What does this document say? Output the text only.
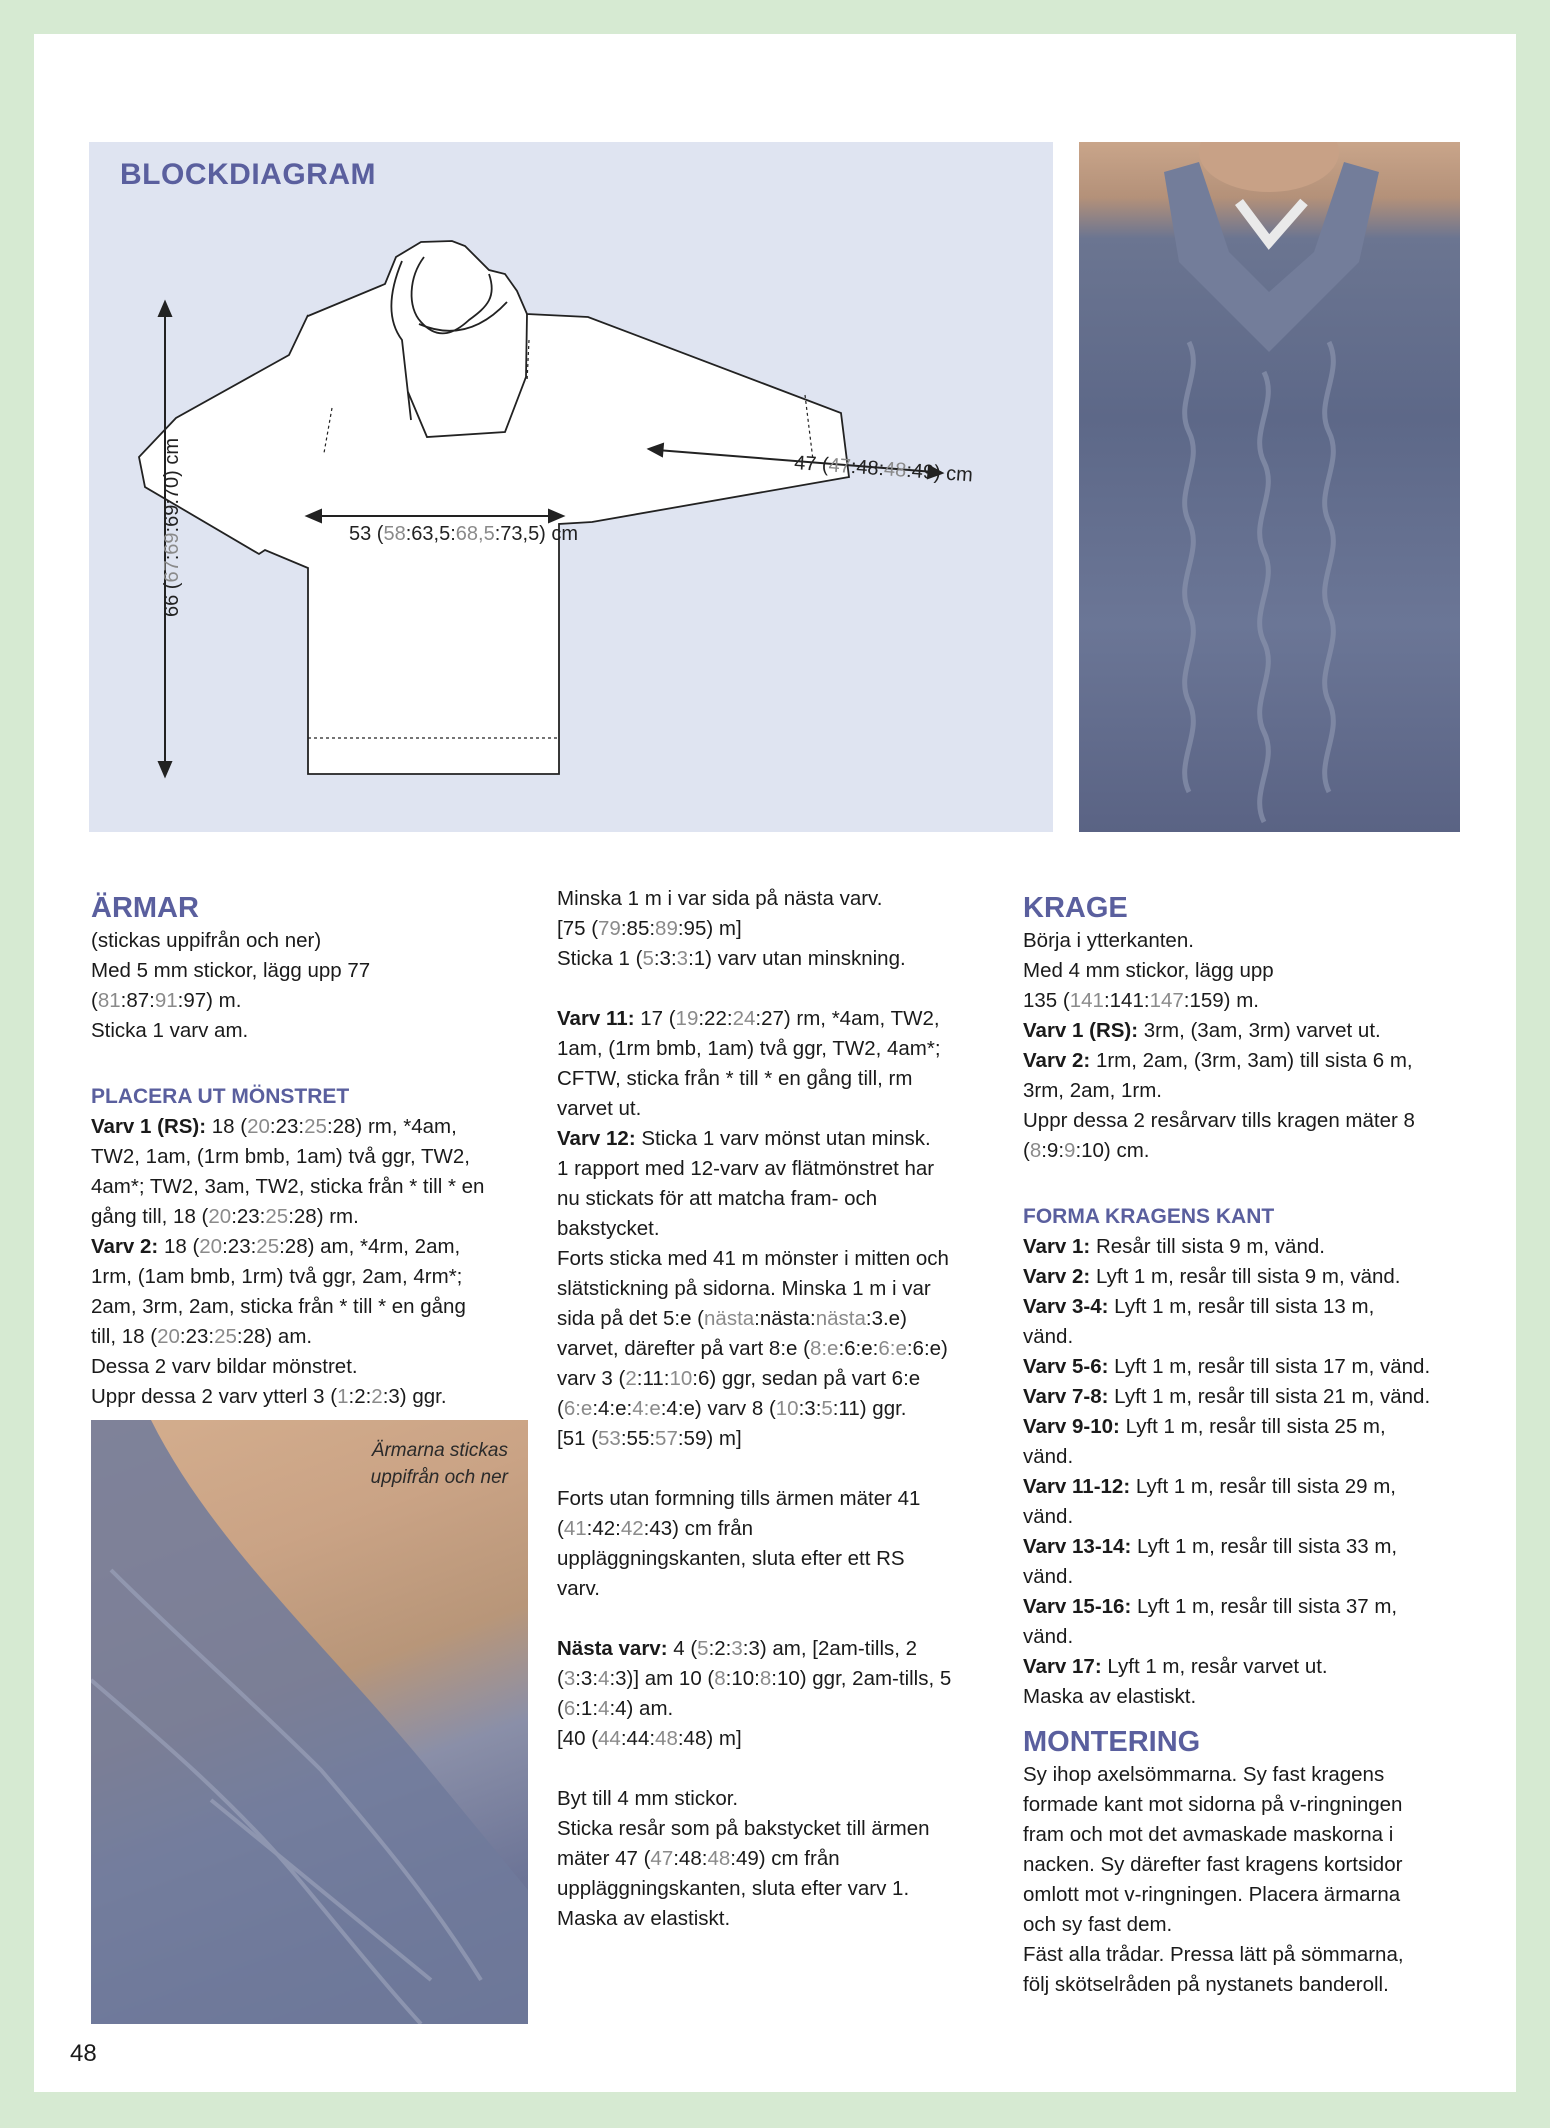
BLOCKDIAGRAM
66 (67:69:69:70) cm
53 (58:63,5:68,5:73,5) cm
47 (47:48:48:49) cm
Ärmarna stickas uppifrån och ner

ÄRMAR

(stickas uppifrån och ner)

Med 5 mm stickor, lägg upp 77

(81:87:91:97) m.

Sticka 1 varv am.

PLACERA UT MÖNSTRET

Varv 1 (RS): 18 (20:23:25:28) rm, *4am,

TW2, 1am, (1rm bmb, 1am) två ggr, TW2,

4am*; TW2, 3am, TW2, sticka från * till * en

gång till, 18 (20:23:25:28) rm.

Varv 2: 18 (20:23:25:28) am, *4rm, 2am,

1rm, (1am bmb, 1rm) två ggr, 2am, 4rm*;

2am, 3rm, 2am, sticka från * till * en gång

till, 18 (20:23:25:28) am.

Dessa 2 varv bildar mönstret.

Uppr dessa 2 varv ytterl 3 (1:2:2:3) ggr.

Minska 1 m i var sida på nästa varv.

[75 (79:85:89:95) m]

Sticka 1 (5:3:3:1) varv utan minskning.

Varv 11: 17 (19:22:24:27) rm, *4am, TW2,

1am, (1rm bmb, 1am) två ggr, TW2, 4am*;

CFTW, sticka från * till * en gång till, rm

varvet ut.

Varv 12: Sticka 1 varv mönst utan minsk.

1 rapport med 12-varv av flätmönstret har

nu stickats för att matcha fram- och

bakstycket.

Forts sticka med 41 m mönster i mitten och

slätstickning på sidorna. Minska 1 m i var

sida på det 5:e (nästa:nästa:nästa:3.e)

varvet, därefter på vart 8:e (8:e:6:e:6:e:6:e)

varv 3 (2:11:10:6) ggr, sedan på vart 6:e

(6:e:4:e:4:e:4:e) varv 8 (10:3:5:11) ggr.

[51 (53:55:57:59) m]

Forts utan formning tills ärmen mäter 41

(41:42:42:43) cm från

uppläggningskanten, sluta efter ett RS

varv.

Nästa varv: 4 (5:2:3:3) am, [2am-tills, 2

(3:3:4:3)] am 10 (8:10:8:10) ggr, 2am-tills, 5

(6:1:4:4) am.

[40 (44:44:48:48) m]

Byt till 4 mm stickor.

Sticka resår som på bakstycket till ärmen

mäter 47 (47:48:48:49) cm från

uppläggningskanten, sluta efter varv 1.

Maska av elastiskt.

KRAGE

Börja i ytterkanten.

Med 4 mm stickor, lägg upp

135 (141:141:147:159) m.

Varv 1 (RS): 3rm, (3am, 3rm) varvet ut.

Varv 2: 1rm, 2am, (3rm, 3am) till sista 6 m,

3rm, 2am, 1rm.

Uppr dessa 2 resårvarv tills kragen mäter 8

(8:9:9:10) cm.

FORMA KRAGENS KANT

Varv 1: Resår till sista 9 m, vänd.

Varv 2: Lyft 1 m, resår till sista 9 m, vänd.

Varv 3-4: Lyft 1 m, resår till sista 13 m,

vänd.

Varv 5-6: Lyft 1 m, resår till sista 17 m, vänd.

Varv 7-8: Lyft 1 m, resår till sista 21 m, vänd.

Varv 9-10: Lyft 1 m, resår till sista 25 m,

vänd.

Varv 11-12: Lyft 1 m, resår till sista 29 m,

vänd.

Varv 13-14: Lyft 1 m, resår till sista 33 m,

vänd.

Varv 15-16: Lyft 1 m, resår till sista 37 m,

vänd.

Varv 17: Lyft 1 m, resår varvet ut.

Maska av elastiskt.

MONTERING

Sy ihop axelsömmarna. Sy fast kragens

formade kant mot sidorna på v-ringningen

fram och mot det avmaskade maskorna i

nacken. Sy därefter fast kragens kortsidor

omlott mot v-ringningen. Placera ärmarna

och sy fast dem.

Fäst alla trådar. Pressa lätt på sömmarna,

följ skötselråden på nystanets banderoll.

48
